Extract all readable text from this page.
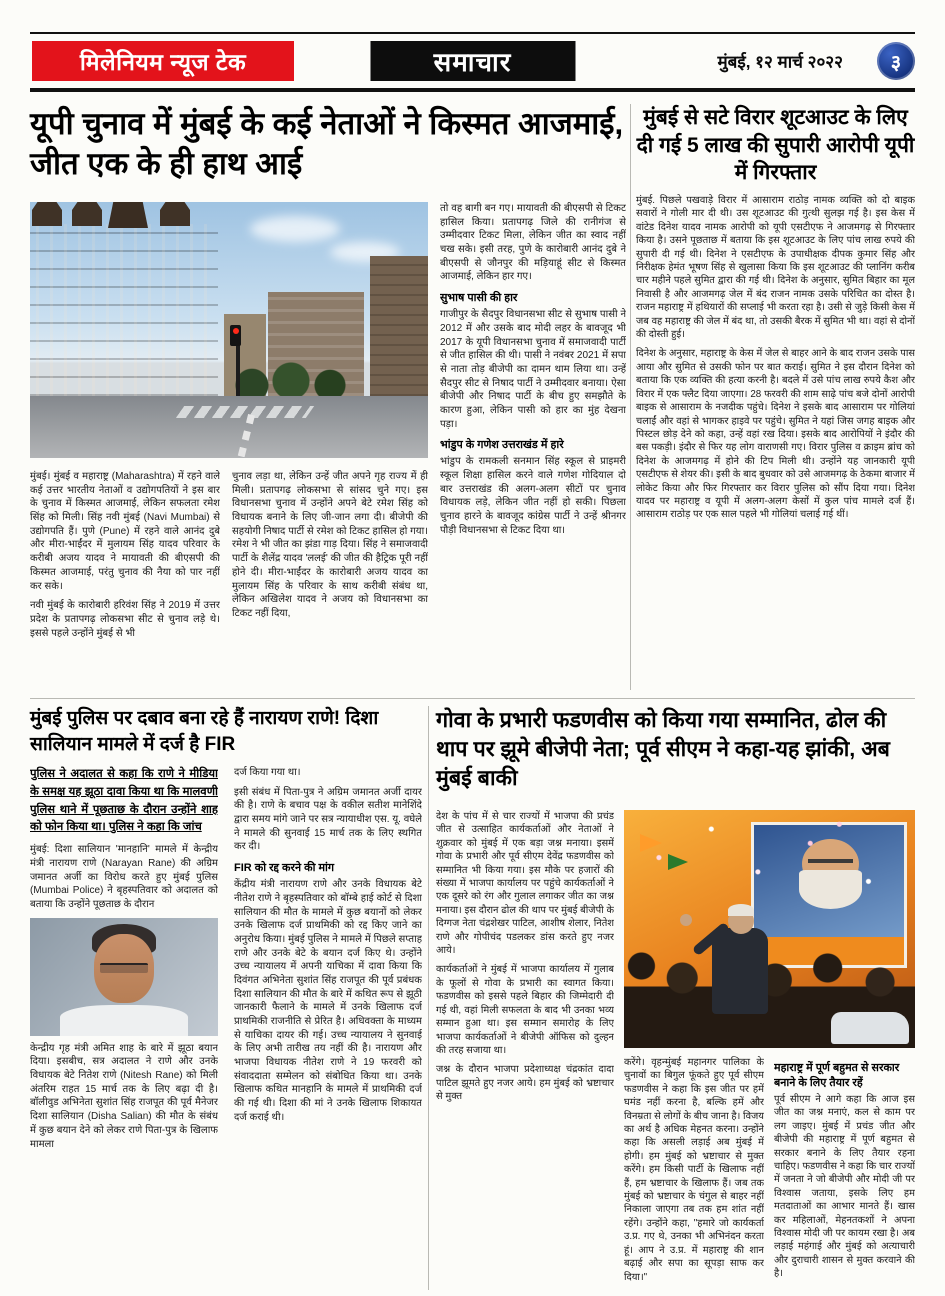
मिलेनियम न्यूज टेक	समाचार	मुंबई, १२ मार्च २०२२ ३
यूपी चुनाव में मुंबई के कई नेताओं ने किस्मत आजमाई, जीत एक के ही हाथ आई

मुंबई। मुंबई व महाराष्ट्र (Maharashtra) में रहने वाले कई उत्तर भारतीय नेताओं व उद्योगपतियों ने इस बार के चुनाव में किस्मत आजमाई, लेकिन सफलता रमेश सिंह को मिली। सिंह नवी मुंबई (Navi Mumbai) से उद्योगपति हैं। पुणे (Pune) में रहने वाले आनंद दुबे और मीरा-भाईंदर में मुलायम सिंह यादव परिवार के करीबी अजय यादव ने मायावती की बीएसपी की किस्मत आजमाई, परंतु चुनाव की नैया को पार नहीं कर सके।

नवी मुंबई के कारोबारी हरिवंश सिंह ने 2019 में उत्तर प्रदेश के प्रतापगढ़ लोकसभा सीट से चुनाव लड़े थे। इससे पहले उन्होंने मुंबई से भी

चुनाव लड़ा था, लेकिन उन्हें जीत अपने गृह राज्य में ही मिली। प्रतापगढ़ लोकसभा से सांसद चुने गए। इस विधानसभा चुनाव में उन्होंने अपने बेटे रमेश सिंह को विधायक बनाने के लिए जी-जान लगा दी। बीजेपी की सहयोगी निषाद पार्टी से रमेश को टिकट हासिल हो गया। रमेश ने भी जीत का झंडा गाड़ दिया। सिंह ने समाजवादी पार्टी के शैलेंद्र यादव 'ललई' की जीत की हैट्रिक पूरी नहीं होने दी। मीरा-भाईंदर के कारोबारी अजय यादव का मुलायम सिंह के परिवार के साथ करीबी संबंध था, लेकिन अखिलेश यादव ने अजय को विधानसभा का टिकट नहीं दिया,

तो वह बागी बन गए। मायावती की बीएसपी से टिकट हासिल किया। प्रतापगढ़ जिले की रानीगंज से उम्मीदवार टिकट मिला, लेकिन जीत का स्वाद नहीं चख सके। इसी तरह, पुणे के कारोबारी आनंद दुबे ने बीएसपी से जौनपुर की मड़ियाहूं सीट से किस्मत आजमाई, लेकिन हार गए।

सुभाष पासी की हार

गाजीपुर के सैदपुर विधानसभा सीट से सुभाष पासी ने 2012 में और उसके बाद मोदी लहर के बावजूद भी 2017 के यूपी विधानसभा चुनाव में समाजवादी पार्टी से जीत हासिल की थी। पासी ने नवंबर 2021 में सपा से नाता तोड़ बीजेपी का दामन थाम लिया था। उन्हें सैदपुर सीट से निषाद पार्टी ने उम्मीदवार बनाया। ऐसा बीजेपी और निषाद पार्टी के बीच हुए समझौते के कारण हुआ, लेकिन पासी को हार का मुंह देखना पड़ा।

भांडुप के गणेश उत्तराखंड में हारे

भांडुप के रामकली सनमान सिंह स्कूल से प्राइमरी स्कूल शिक्षा हासिल करने वाले गणेश गोदियाल दो बार उत्तराखंड की अलग-अलग सीटों पर चुनाव विधायक लड़े, लेकिन जीत नहीं हो सकी। पिछला चुनाव हारने के बावजूद कांग्रेस पार्टी ने उन्हें श्रीनगर पौड़ी विधानसभा से टिकट दिया था।

मुंबई से सटे विरार शूटआउट के लिए दी गई 5 लाख की सुपारी आरोपी यूपी में गिरफ्तार

मुंबई. पिछले पखवाड़े विरार में आसाराम राठोड़ नामक व्यक्ति को दो बाइक सवारों ने गोली मार दी थी। उस शूटआउट की गुत्थी सुलझ गई है। इस केस में वांटेड दिनेश यादव नामक आरोपी को यूपी एसटीएफ ने आजमगढ़ से गिरफ्तार किया है। उसने पूछताछ में बताया कि इस शूटआउट के लिए पांच लाख रुपये की सुपारी दी गई थी। दिनेश ने एसटीएफ के उपाधीक्षक दीपक कुमार सिंह और निरीक्षक हेमंत भूषण सिंह से खुलासा किया कि इस शूटआउट की प्लानिंग करीब चार महीने पहले सुमित द्वारा की गई थी। दिनेश के अनुसार, सुमित बिहार का मूल निवासी है और आजमगढ़ जेल में बंद राजन नामक उसके परिचित का दोस्त है। राजन महाराष्ट्र में हथियारों की सप्लाई भी करता रहा है। उसी से जुड़े किसी केस में जब वह महाराष्ट्र की जेल में बंद था, तो उसकी बैरक में सुमित भी था। वहां से दोनों की दोस्ती हुई।

दिनेश के अनुसार, महाराष्ट्र के केस में जेल से बाहर आने के बाद राजन उसके पास आया और सुमित से उसकी फोन पर बात कराई। सुमित ने इस दौरान दिनेश को बताया कि एक व्यक्ति की हत्या करनी है। बदले में उसे पांच लाख रुपये कैश और विरार में एक फ्लैट दिया जाएगा। 28 फरवरी की शाम साढ़े पांच बजे दोनों आरोपी बाइक से आसाराम के नजदीक पहुंचे। दिनेश ने इसके बाद आसाराम पर गोलियां चलाईं और वहां से भागकर हाइवे पर पहुंचे। सुमित ने यहां जिस जगह बाइक और पिस्टल छोड़ देने को कहा, उन्हें वहां रख दिया। इसके बाद आरोपियों ने इंदौर की बस पकड़ी। इंदौर से फिर यह लोग वाराणसी गए। विरार पुलिस व क्राइम ब्रांच को दिनेश के आजमगढ़ में होने की टिप मिली थी। उन्होंने यह जानकारी यूपी एसटीएफ से शेयर की। इसी के बाद बुधवार को उसे आजमगढ़ के ठेकमा बाजार में लोकेट किया और फिर गिरफ्तार कर विरार पुलिस को सौंप दिया गया। दिनेश यादव पर महाराष्ट्र व यूपी में अलग-अलग केसों में कुल पांच मामले दर्ज हैं। आसाराम राठोड़ पर एक साल पहले भी गोलियां चलाई गई थीं।

मुंबई पुलिस पर दबाव बना रहे हैं नारायण राणे! दिशा सालियान मामले में दर्ज है FIR

पुलिस ने अदालत से कहा कि राणे ने मीडिया के समक्ष यह झूठा दावा किया था कि मालवणी पुलिस थाने में पूछताछ के दौरान उन्होंने शाह को फोन किया था। पुलिस ने कहा कि जांच

मुंबई: दिशा सालियान 'मानहानि' मामले में केन्द्रीय मंत्री नारायण राणे (Narayan Rane) की अग्रिम जमानत अर्जी का विरोध करते हुए मुंबई पुलिस (Mumbai Police) ने बृहस्पतिवार को अदालत को बताया कि उन्होंने पूछताछ के दौरान

केन्द्रीय गृह मंत्री अमित शाह के बारे में झूठा बयान दिया। इसबीच, सत्र अदालत ने राणे और उनके विधायक बेटे नितेश राणे (Nitesh Rane) को मिली अंतरिम राहत 15 मार्च तक के लिए बढ़ा दी है। बॉलीवुड अभिनेता सुशांत सिंह राजपूत की पूर्व मैनेजर दिशा सालियान (Disha Salian) की मौत के संबंध में कुछ बयान देने को लेकर राणे पिता-पुत्र के खिलाफ मामला

दर्ज किया गया था।

इसी संबंध में पिता-पुत्र ने अग्रिम जमानत अर्जी दायर की है। राणे के बचाव पक्ष के वकील सतीश मानेशिंदे द्वारा समय मांगे जाने पर सत्र न्यायाधीश एस. यू. वघेले ने मामले की सुनवाई 15 मार्च तक के लिए स्थगित कर दी।

FIR को रद्द करने की मांग

केंद्रीय मंत्री नारायण राणे और उनके विधायक बेटे नीतेश राणे ने बृहस्पतिवार को बॉम्बे हाई कोर्ट से दिशा सालियान की मौत के मामले में कुछ बयानों को लेकर उनके खिलाफ दर्ज प्राथमिकी को रद्द किए जाने का अनुरोध किया। मुंबई पुलिस ने मामले में पिछले सप्ताह राणे और उनके बेटे के बयान दर्ज किए थे। उन्होंने उच्च न्यायालय में अपनी याचिका में दावा किया कि दिवंगत अभिनेता सुशांत सिंह राजपूत की पूर्व प्रबंधक दिशा सालियान की मौत के बारे में कथित रूप से झूठी जानकारी फैलाने के मामले में उनके खिलाफ दर्ज प्राथमिकी राजनीति से प्रेरित है। अधिवक्ता के माध्यम से याचिका दायर की गई। उच्च न्यायालय ने सुनवाई के लिए अभी तारीख तय नहीं की है। नारायण और भाजपा विधायक नीतेश राणे ने 19 फरवरी को संवाददाता सम्मेलन को संबोधित किया था। उनके खिलाफ कथित मानहानि के मामले में प्राथमिकी दर्ज की गई थी। दिशा की मां ने उनके खिलाफ शिकायत दर्ज कराई थी।

गोवा के प्रभारी फडणवीस को किया गया सम्मानित, ढोल की थाप पर झूमे बीजेपी नेता; पूर्व सीएम ने कहा-यह झांकी, अब मुंबई बाकी

देश के पांच में से चार राज्यों में भाजपा की प्रचंड जीत से उत्साहित कार्यकर्ताओं और नेताओं ने शुक्रवार को मुंबई में एक बड़ा जश्न मनाया। इसमें गोवा के प्रभारी और पूर्व सीएम देवेंद्र फडणवीस को सम्मानित भी किया गया। इस मौके पर हजारों की संख्या में भाजपा कार्यालय पर पहुंचे कार्यकर्ताओं ने एक दूसरे को रंग और गुलाल लगाकर जीत का जश्न मनाया। इस दौरान ढोल की थाप पर मुंबई बीजेपी के दिग्गज नेता चंद्रशेखर पाटिल, आशीष शेलार, नितेश राणे और गोपीचंद पडलकर डांस करते हुए नजर आये।

कार्यकर्ताओं ने मुंबई में भाजपा कार्यालय में गुलाब के फूलों से गोवा के प्रभारी का स्वागत किया। फडणवीस को इससे पहले बिहार की जिम्मेदारी दी गई थी, वहां मिली सफलता के बाद भी उनका भव्य सम्मान हुआ था। इस सम्मान समारोह के लिए भाजपा कार्यकर्ताओं ने बीजेपी ऑफिस को दुल्हन की तरह सजाया था।

जश्न के दौरान भाजपा प्रदेशाध्यक्ष चंद्रकांत दादा पाटिल झूमते हुए नजर आये। हम मुंबई को भ्रष्टाचार से मुक्त

करेंगे। वृहन्मुंबई महानगर पालिका के चुनावों का बिगुल फूंकते हुए पूर्व सीएम फडणवीस ने कहा कि इस जीत पर हमें घमंड नहीं करना है, बल्कि हमें और विनम्रता से लोगों के बीच जाना है। विजय का अर्थ है अधिक मेहनत करना। उन्होंने कहा कि असली लड़ाई अब मुंबई में होगी। हम मुंबई को भ्रष्टाचार से मुक्त करेंगे। हम किसी पार्टी के खिलाफ नहीं हैं, हम भ्रष्टाचार के खिलाफ हैं। जब तक मुंबई को भ्रष्टाचार के चंगुल से बाहर नहीं निकाला जाएगा तब तक हम शांत नहीं रहेंगे। उन्होंने कहा, "हमारे जो कार्यकर्ता उ.प्र. गए थे, उनका भी अभिनंदन करता हूं। आप ने उ.प्र. में महाराष्ट्र की शान बढ़ाई और सपा का सूपड़ा साफ कर दिया।"

महाराष्ट्र में पूर्ण बहुमत से सरकार बनाने के लिए तैयार रहें

पूर्व सीएम ने आगे कहा कि आज इस जीत का जश्न मनाएं, कल से काम पर लग जाइए। मुंबई में प्रचंड जीत और बीजेपी की महाराष्ट्र में पूर्ण बहुमत से सरकार बनाने के लिए तैयार रहना चाहिए। फडणवीस ने कहा कि चार राज्यों में जनता ने जो बीजेपी और मोदी जी पर विश्वास जताया, इसके लिए हम मतदाताओं का आभार मानते हैं। खास कर महिलाओं, मेहनतकशों ने अपना विश्वास मोदी जी पर कायम रखा है। अब लड़ाई महंगाई और मुंबई को अत्याचारी और दुराचारी शासन से मुक्त करवाने की है।
